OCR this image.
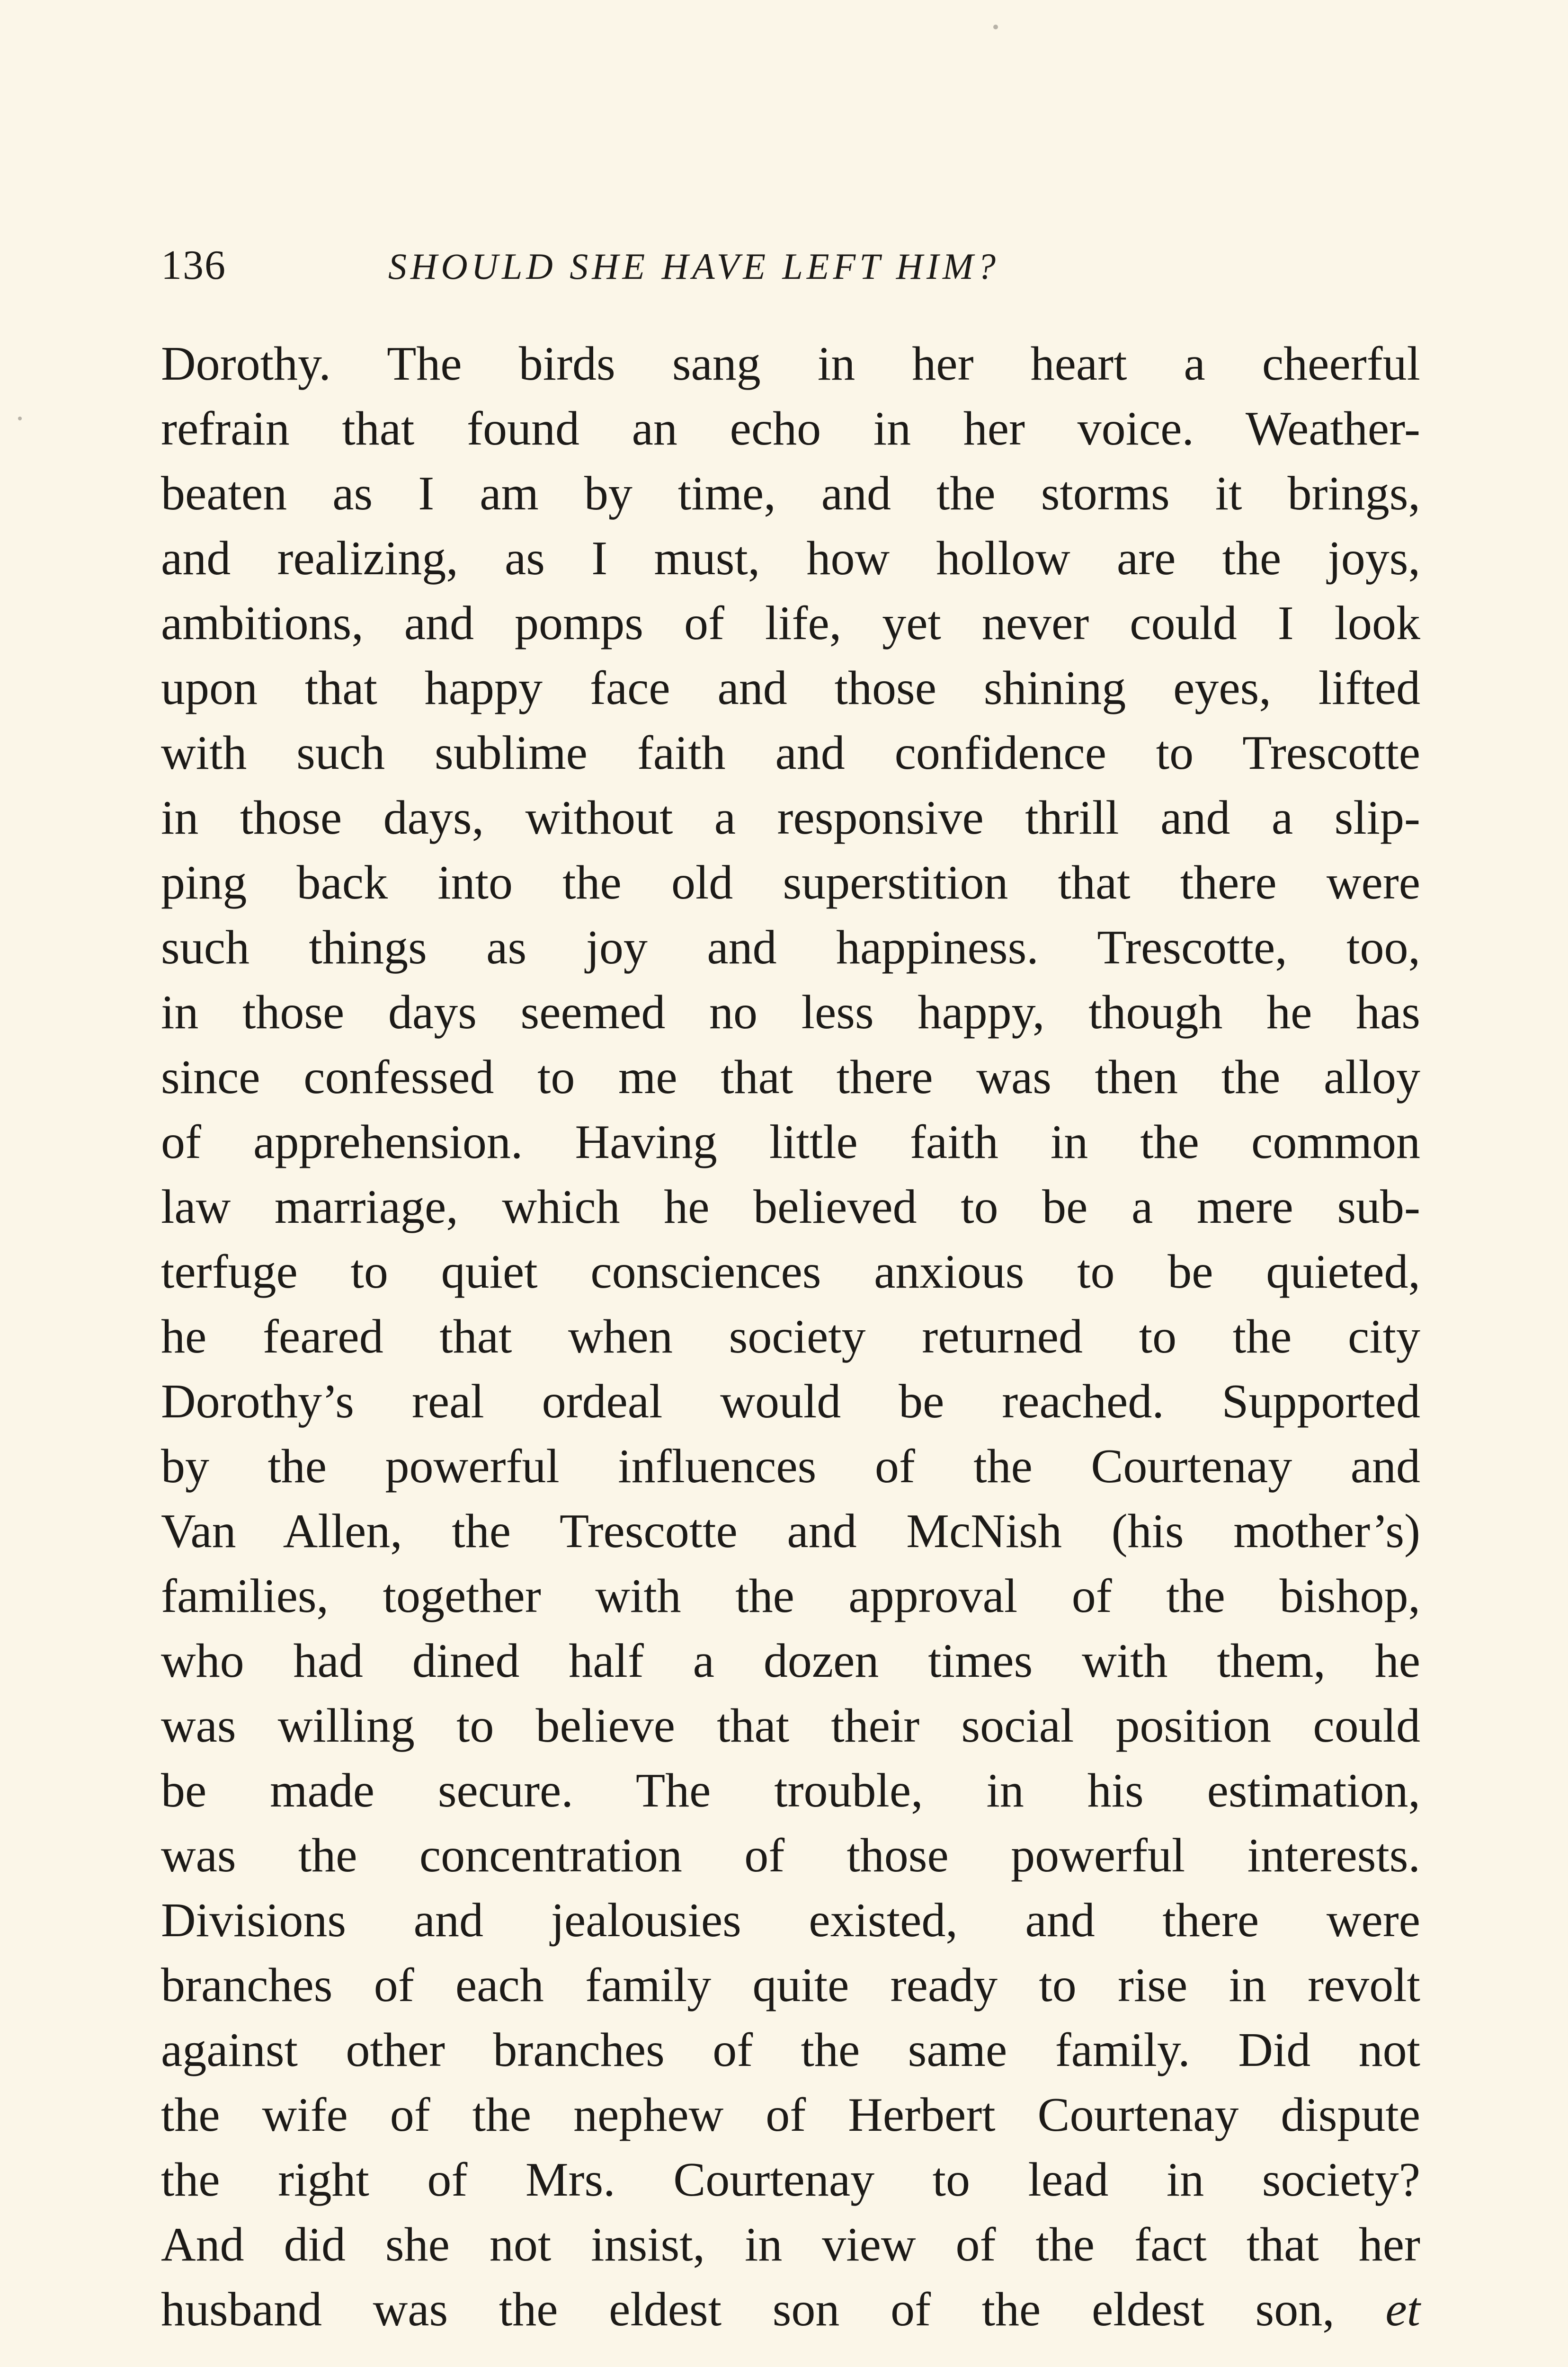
136	SHOULD SHE HAVE LEFT HIM?
Dorothy. The birds sang in her heart a cheerful
refrain that found an echo in her voice. Weather-
beaten as I am by time, and the storms it brings,
and realizing, as I must, how hollow are the joys,
ambitions, and pomps of life, yet never could I look
upon that happy face and those shining eyes, lifted
with such sublime faith and confidence to Trescotte
in those days, without a responsive thrill and a slip-
ping back into the old superstition that there were
such things as joy and happiness. Trescotte, too,
in those days seemed no less happy, though he has
since confessed to me that there was then the alloy
of apprehension. Having little faith in the common
law marriage, which he believed to be a mere sub-
terfuge to quiet consciences anxious to be quieted,
he feared that when society returned to the city
Dorothy’s real ordeal would be reached. Supported
by the powerful influences of the Courtenay and
Van Allen, the Trescotte and McNish (his mother’s)
families, together with the approval of the bishop,
who had dined half a dozen times with them, he
was willing to believe that their social position could
be made secure. The trouble, in his estimation,
was the concentration of those powerful interests.
Divisions and jealousies existed, and there were
branches of each family quite ready to rise in revolt
against other branches of the same family. Did not
the wife of the nephew of Herbert Courtenay dispute
the right of Mrs. Courtenay to lead in society?
And did she not insist, in view of the fact that her
husband was the eldest son of the eldest son, et
